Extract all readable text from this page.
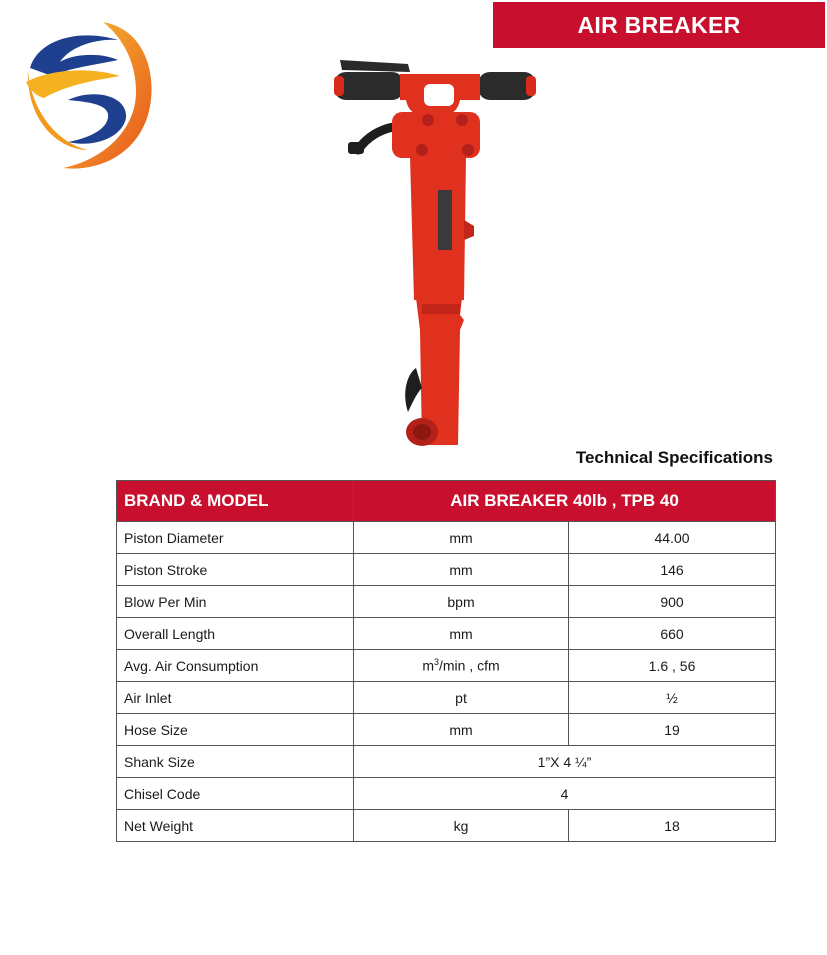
AIR BREAKER
Technical Specifications
BRAND & MODEL	AIR BREAKER 40lb , TPB 40	
Piston Diameter	mm	44.00
Piston Stroke	mm	146
Blow Per Min	bpm	900
Overall Length	mm	660
Avg. Air Consumption	$m^3/\min$ , cfm	1.6 , 56
Air Inlet	pt	½
Hose Size	mm	19
Shank Size	1”X 4 ¼”	
Chisel Code	4	
Net Weight	kg	18
